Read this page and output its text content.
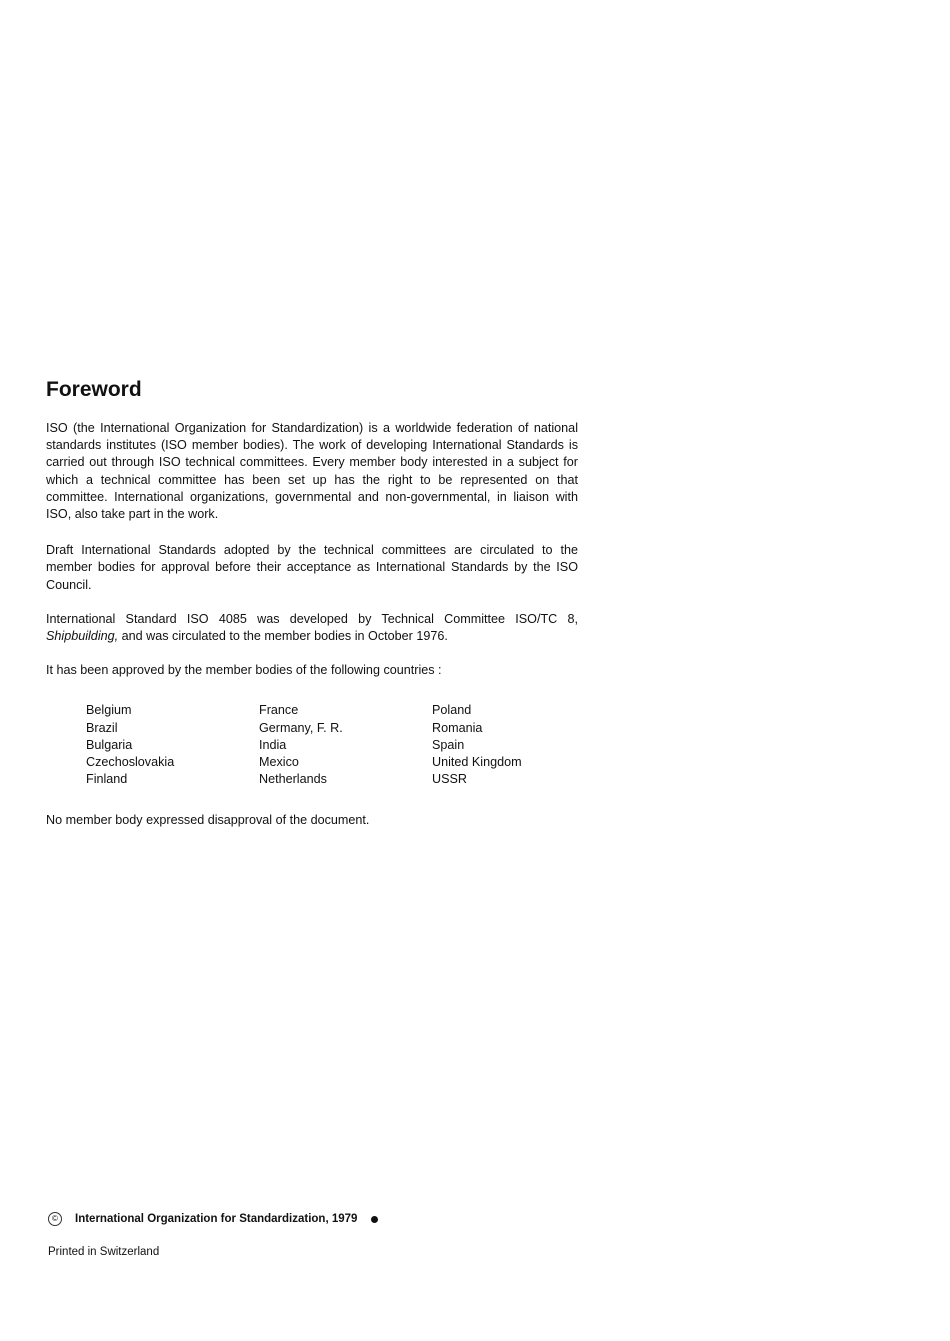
Foreword

ISO (the International Organization for Standardization) is a worldwide federation of national standards institutes (ISO member bodies). The work of developing International Standards is carried out through ISO technical committees. Every member body interested in a subject for which a technical committee has been set up has the right to be represented on that committee. International organizations, governmental and non-governmental, in liaison with ISO, also take part in the work.

Draft International Standards adopted by the technical committees are circulated to the member bodies for approval before their acceptance as International Standards by the ISO Council.

International Standard ISO 4085 was developed by Technical Committee ISO/TC 8, Shipbuilding, and was circulated to the member bodies in October 1976.

It has been approved by the member bodies of the following countries :

Belgium
Brazil
Bulgaria
Czechoslovakia
Finland
France
Germany, F. R.
India
Mexico
Netherlands
Poland
Romania
Spain
United Kingdom
USSR

No member body expressed disapproval of the document.

©	International Organization for Standardization, 1979
Printed in Switzerland
